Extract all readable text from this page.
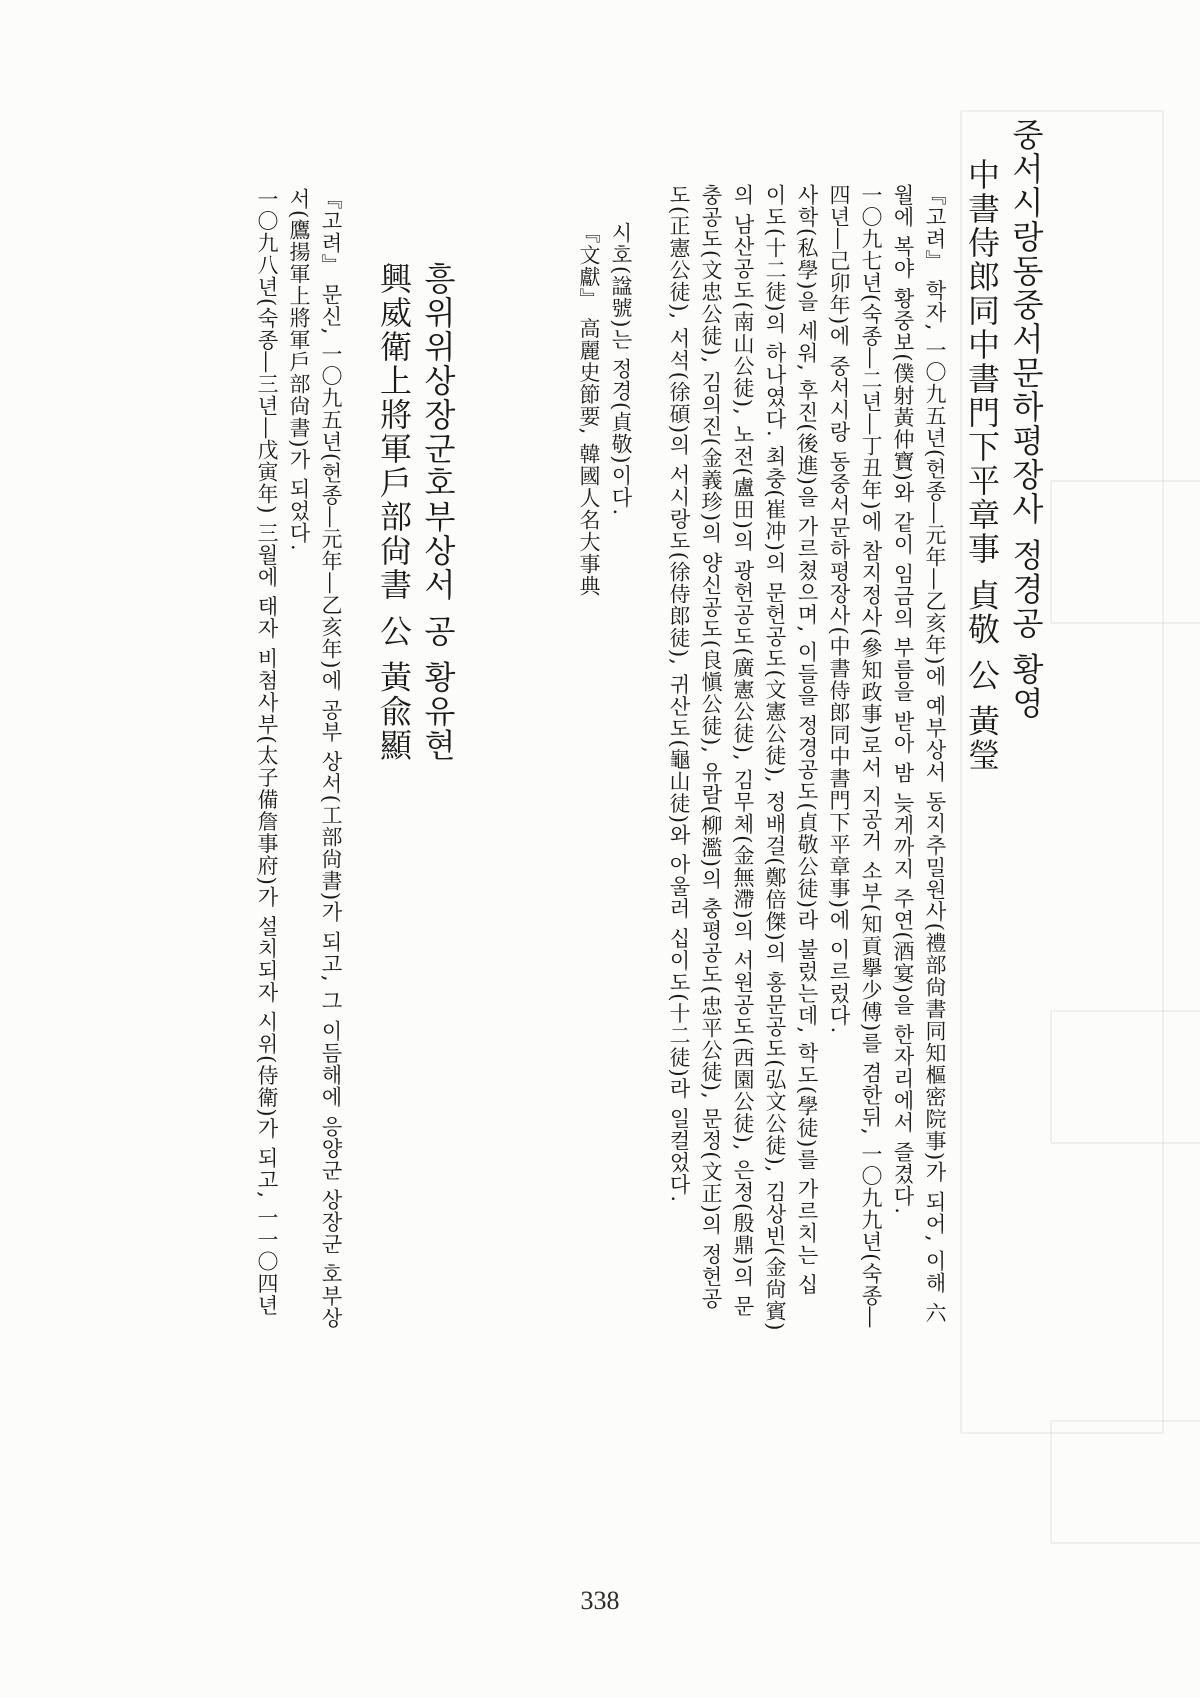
중서시랑동중서문하평장사 정경공 황영
中書侍郎同中書門下平章事 貞敬 公 黃瑩
『고려』 학자, 一〇九五년(헌종―元年―乙亥年)에 예부상서 동지추밀원사(禮部尙書同知樞密院事)가 되어, 이해 六
월에 복야 황중보(僕射黃仲寶)와 같이 임금의 부름을 받아 밤 늦게까지 주연(酒宴)을 한자리에서 즐겼다.
一〇九七년(숙종―二년―丁丑年)에 참지정사(參知政事)로서 지공거 소부(知貢擧少傅)를 겸한뒤, 一〇九九년(숙종―
四년―己卯年)에 중서시랑 동중서문하평장사(中書侍郎同中書門下平章事)에 이르렀다.
사학(私學)을 세워, 후진(後進)을 가르쳤으며, 이들을 정경공도(貞敬公徒)라 불렀는데, 학도(學徒)를 가르치는 십
이도(十二徒)의 하나였다. 최충(崔冲)의 문헌공도(文憲公徒), 정배걸(鄭倍傑)의 홍문공도(弘文公徒), 김상빈(金尙賓)
의 남산공도(南山公徒), 노전(盧田)의 광헌공도(廣憲公徒), 김무체(金無滯)의 서원공도(西園公徒), 은정(殷鼎)의 문
충공도(文忠公徒), 김의진(金義珍)의 양신공도(良愼公徒), 유람(柳濫)의 충평공도(忠平公徒), 문정(文正)의 정헌공
도(正憲公徒), 서석(徐碩)의 서시랑도(徐侍郎徒), 귀산도(龜山徒)와 아울러 십이도(十二徒)라 일컬었다.
시호(諡號)는 정경(貞敬)이다.
『文獻』 高麗史節要, 韓國人名大事典
흥위위상장군호부상서 공 황유현
興威衛上將軍戶部尙書 公 黃兪顯
『고려』 문신, 一〇九五년(헌종―元年―乙亥年)에 공부 상서(工部尙書)가 되고, 그 이듬해에 응양군 상장군 호부상
서(鷹揚軍上將軍戶部尙書)가 되었다.
一〇九八년(숙종―三년―戊寅年) 三월에 태자 비첨사부(太子備詹事府)가 설치되자 시위(侍衛)가 되고, 一一〇四년
338
